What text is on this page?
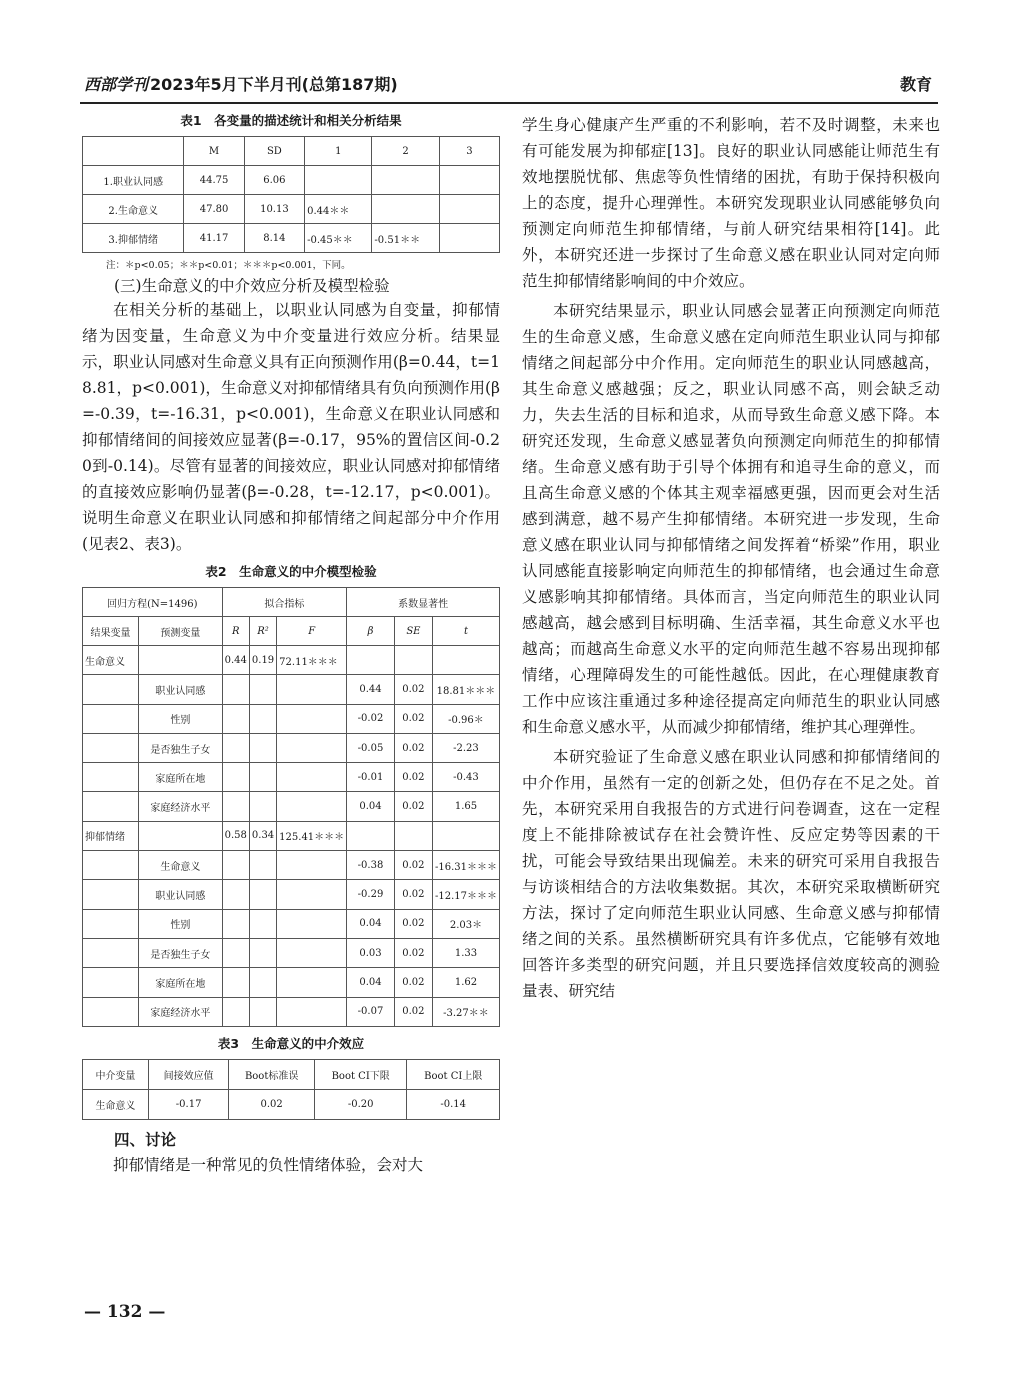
西部学刊 2023年5月下半月刊(总第187期)	教育
表1　各变量的描述统计和相关分析结果
	M	SD	1	2	3
1.职业认同感	44.75	6.06			
2.生命意义	47.80	10.13	0.44＊＊		
3.抑郁情绪	41.17	8.14	-0.45＊＊	-0.51＊＊	
注：＊p<0.05；＊＊p<0.01；＊＊＊p<0.001，下同。
(三)生命意义的中介效应分析及模型检验

在相关分析的基础上，以职业认同感为自变量，抑郁情绪为因变量，生命意义为中介变量进行效应分析。结果显示，职业认同感对生命意义具有正向预测作用(β=0.44，t=18.81，p<0.001)，生命意义对抑郁情绪具有负向预测作用(β=-0.39，t=-16.31，p<0.001)，生命意义在职业认同感和抑郁情绪间的间接效应显著(β=-0.17，95%的置信区间-0.20到-0.14)。尽管有显著的间接效应，职业认同感对抑郁情绪的直接效应影响仍显著(β=-0.28，t=-12.17，p<0.001)。说明生命意义在职业认同感和抑郁情绪之间起部分中介作用(见表2、表3)。

表2　生命意义的中介模型检验
回归方程(N=1496)		拟合指标			系数显著性		
结果变量	预测变量	R	R²	F	β	SE	t
生命意义		0.44	0.19	72.11＊＊＊			
	职业认同感				0.44	0.02	18.81＊＊＊
	性别				-0.02	0.02	-0.96＊
	是否独生子女				-0.05	0.02	-2.23
	家庭所在地				-0.01	0.02	-0.43
	家庭经济水平				0.04	0.02	1.65
抑郁情绪		0.58	0.34	125.41＊＊＊			
	生命意义				-0.38	0.02	-16.31＊＊＊
	职业认同感				-0.29	0.02	-12.17＊＊＊
	性别				0.04	0.02	2.03＊
	是否独生子女				0.03	0.02	1.33
	家庭所在地				0.04	0.02	1.62
	家庭经济水平				-0.07	0.02	-3.27＊＊
表3　生命意义的中介效应
中介变量	间接效应值	Boot标准误	Boot CI下限	Boot CI上限
生命意义	-0.17	0.02	-0.20	-0.14
四、讨论

抑郁情绪是一种常见的负性情绪体验，会对大

学生身心健康产生严重的不利影响，若不及时调整，未来也有可能发展为抑郁症[13]。良好的职业认同感能让师范生有效地摆脱忧郁、焦虑等负性情绪的困扰，有助于保持积极向上的态度，提升心理弹性。本研究发现职业认同感能够负向预测定向师范生抑郁情绪，与前人研究结果相符[14]。此外，本研究还进一步探讨了生命意义感在职业认同对定向师范生抑郁情绪影响间的中介效应。

本研究结果显示，职业认同感会显著正向预测定向师范生的生命意义感，生命意义感在定向师范生职业认同与抑郁情绪之间起部分中介作用。定向师范生的职业认同感越高，其生命意义感越强；反之，职业认同感不高，则会缺乏动力，失去生活的目标和追求，从而导致生命意义感下降。本研究还发现，生命意义感显著负向预测定向师范生的抑郁情绪。生命意义感有助于引导个体拥有和追寻生命的意义，而且高生命意义感的个体其主观幸福感更强，因而更会对生活感到满意，越不易产生抑郁情绪。本研究进一步发现，生命意义感在职业认同与抑郁情绪之间发挥着“桥梁”作用，职业认同感能直接影响定向师范生的抑郁情绪，也会通过生命意义感影响其抑郁情绪。具体而言，当定向师范生的职业认同感越高，越会感到目标明确、生活幸福，其生命意义水平也越高；而越高生命意义水平的定向师范生越不容易出现抑郁情绪，心理障碍发生的可能性越低。因此，在心理健康教育工作中应该注重通过多种途径提高定向师范生的职业认同感和生命意义感水平，从而减少抑郁情绪，维护其心理弹性。

本研究验证了生命意义感在职业认同感和抑郁情绪间的中介作用，虽然有一定的创新之处，但仍存在不足之处。首先，本研究采用自我报告的方式进行问卷调查，这在一定程度上不能排除被试存在社会赞许性、反应定势等因素的干扰，可能会导致结果出现偏差。未来的研究可采用自我报告与访谈相结合的方法收集数据。其次，本研究采取横断研究方法，探讨了定向师范生职业认同感、生命意义感与抑郁情绪之间的关系。虽然横断研究具有许多优点，它能够有效地回答许多类型的研究问题，并且只要选择信效度较高的测验量表、研究结

— 132 —
